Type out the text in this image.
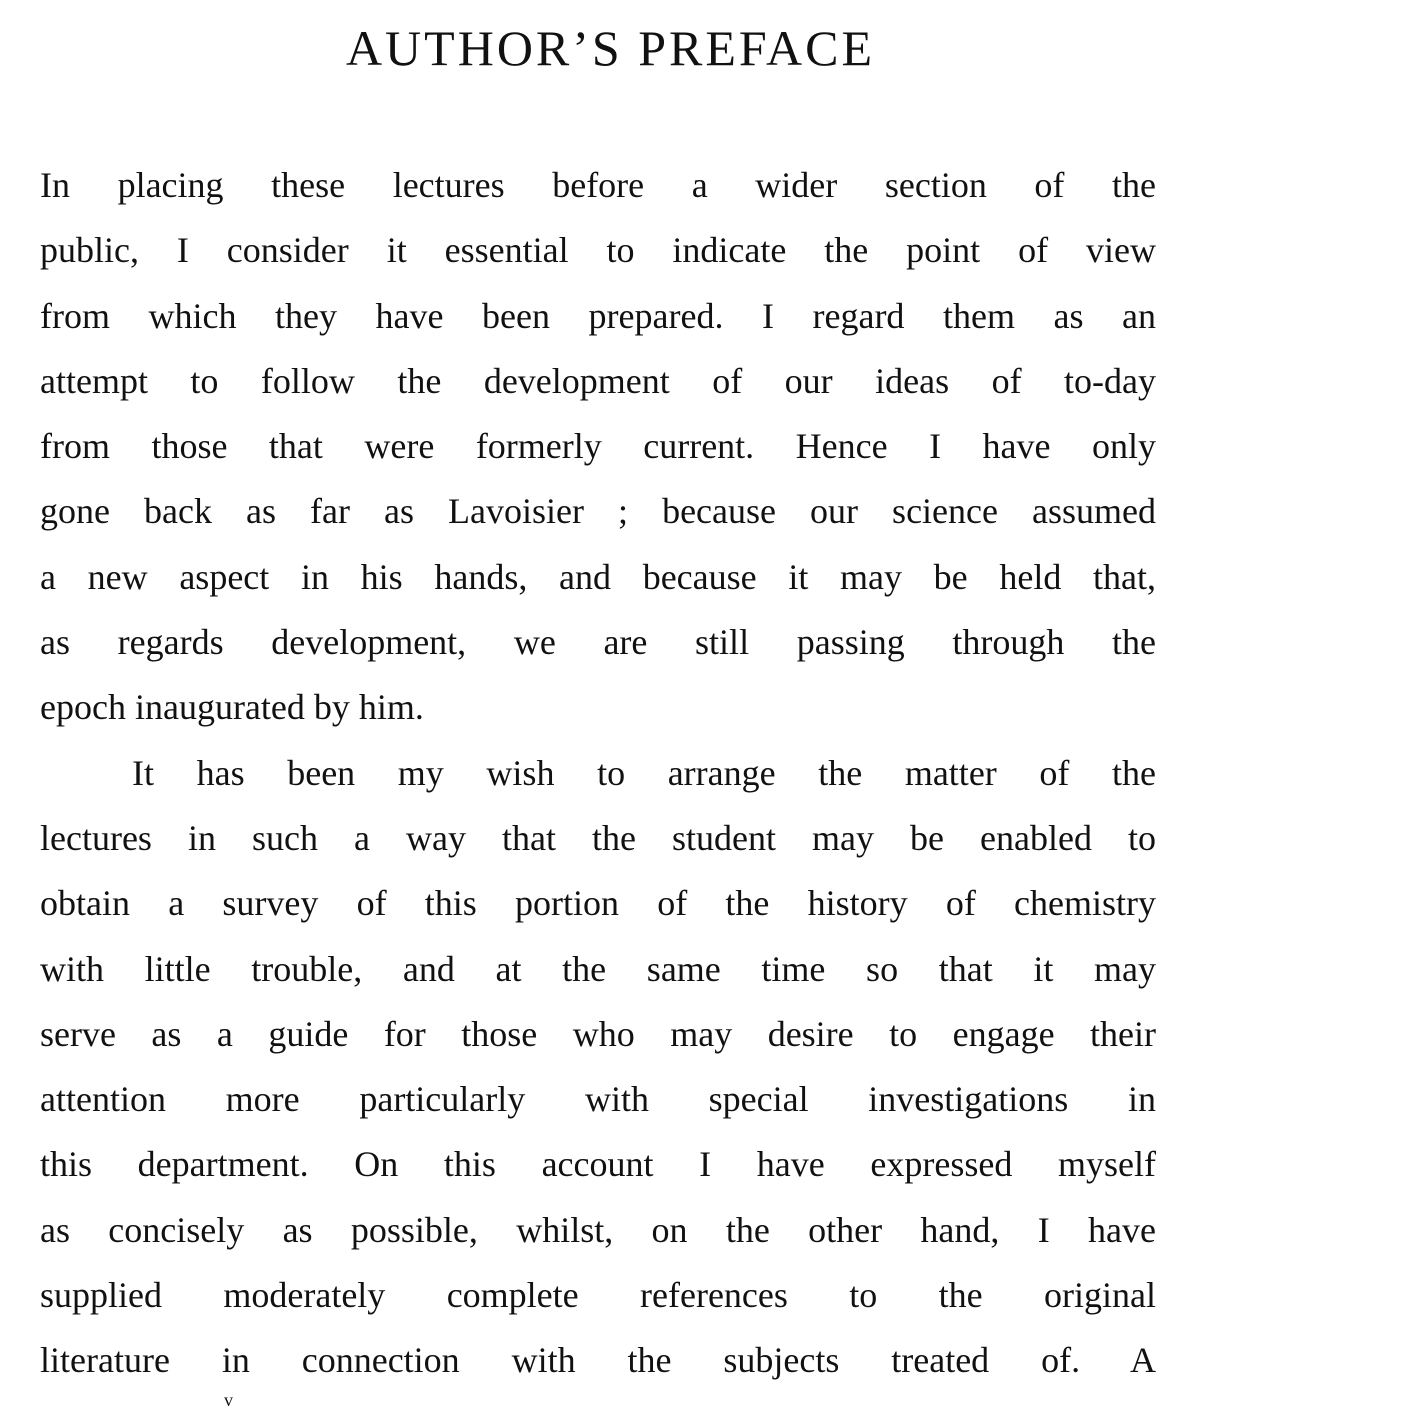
AUTHOR’S PREFACE
In placing these lectures before a wider section of the
public, I consider it essential to indicate the point of view
from which they have been prepared. I regard them as an
attempt to follow the development of our ideas of to-day
from those that were formerly current. Hence I have only
gone back as far as Lavoisier ; because our science assumed
a new aspect in his hands, and because it may be held that,
as regards development, we are still passing through the
epoch inaugurated by him.
It has been my wish to arrange the matter of the
lectures in such a way that the student may be enabled to
obtain a survey of this portion of the history of chemistry
with little trouble, and at the same time so that it may
serve as a guide for those who may desire to engage their
attention more particularly with special investigations in
this department. On this account I have expressed myself
as concisely as possible, whilst, on the other hand, I have
supplied moderately complete references to the original
literature in connection with the subjects treated of. A
v
